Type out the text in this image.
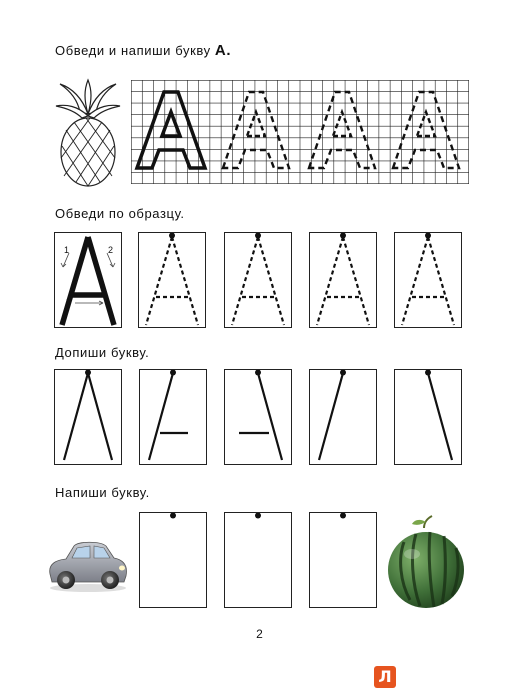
Обведи и напиши букву А.
Обведи по образцу.
1	2
3
Допиши букву.
Напиши букву.
2
Л
